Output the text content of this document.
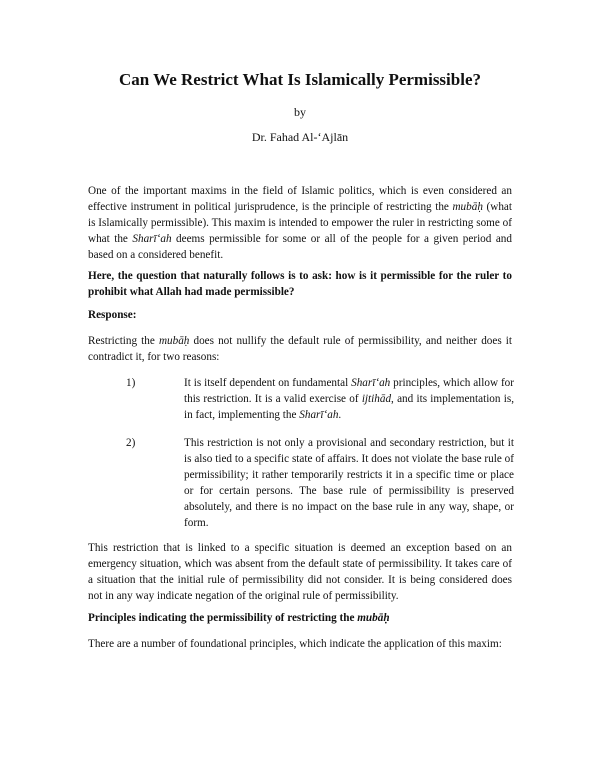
Can We Restrict What Is Islamically Permissible?
by
Dr. Fahad Al-‘Ajlān

One of the important maxims in the field of Islamic politics, which is even considered an effective instrument in political jurisprudence, is the principle of restricting the mubāḥ (what is Islamically permissible). This maxim is intended to empower the ruler in restricting some of what the Sharī‘ah deems permissible for some or all of the people for a given period and based on a considered benefit.

Here, the question that naturally follows is to ask: how is it permissible for the ruler to prohibit what Allah had made permissible?

Response:

Restricting the mubāḥ does not nullify the default rule of permissibility, and neither does it contradict it, for two reasons:

1)	It is itself dependent on fundamental Sharī‘ah principles, which allow for this restriction. It is a valid exercise of ijtihād, and its implementation is, in fact, implementing the Sharī‘ah.

2)	This restriction is not only a provisional and secondary restriction, but it is also tied to a specific state of affairs. It does not violate the base rule of permissibility; it rather temporarily restricts it in a specific time or place or for certain persons. The base rule of permissibility is preserved absolutely, and there is no impact on the base rule in any way, shape, or form.

This restriction that is linked to a specific situation is deemed an exception based on an emergency situation, which was absent from the default state of permissibility. It takes care of a situation that the initial rule of permissibility did not consider. It is being considered does not in any way indicate negation of the original rule of permissibility.

Principles indicating the permissibility of restricting the mubāḥ

There are a number of foundational principles, which indicate the application of this maxim:
